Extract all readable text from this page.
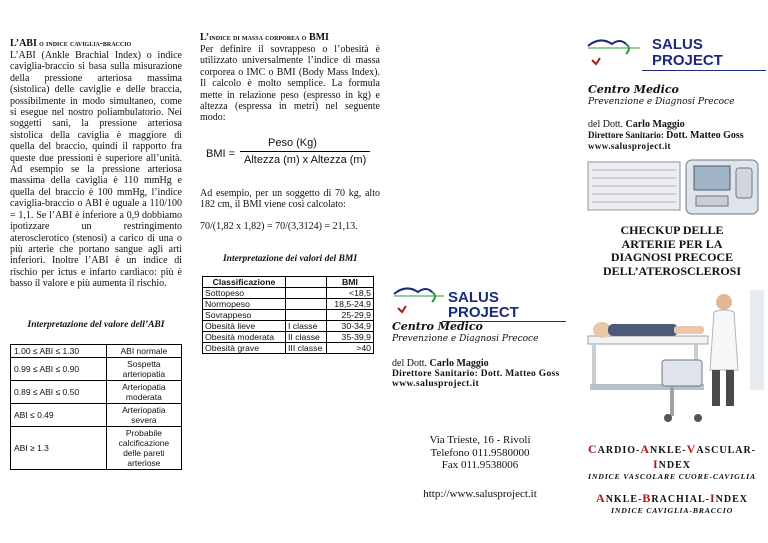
L’ABI o indice caviglia-braccio

L’ABI (Ankle Brachial Index) o indice caviglia-braccio si basa sulla misurazione della pressione arteriosa massima (sistolica) delle caviglie e delle braccia, possibilmente in modo simultaneo, come si esegue nel nostro poliambulatorio. Nei soggetti sani, la pressione arteriosa sistolica della caviglia è maggiore di quella del braccio, quindi il rapporto fra queste due pressioni è superiore all’unità. Ad esempio se la pressione arteriosa massima della caviglia è 110 mmHg e quella del braccio è 100 mmHg, l’indice caviglia-braccio o ABI è uguale a 110/100 = 1,1. Se l’ABI è inferiore a 0,9 dobbiamo ipotizzare un restringimento aterosclerotico (stenosi) a carico di una o più arterie che portano sangue agli arti inferiori. Inoltre l’ABI è un indice di rischio per ictus e infarto cardiaco: più è basso il valore e più aumenta il rischio.

Interpretazione del valore dell’ABI

1.00 ≤ ABI ≤ 1.30	ABI normale
0.99 ≤ ABI ≤ 0.90	Sospetta arteriopatia
0.89 ≤ ABI ≤ 0.50	Arteriopatia moderata
ABI ≤ 0.49	Arteriopatia severa
ABI ≥ 1.3	Probabile calcificazione delle pareti arteriose
L’indice di massa corporea o BMI

Per definire il sovrappeso o l’obesità è utilizzato universalmente l’indice di massa corporea o IMC o BMI (Body Mass Index). Il calcolo è molto semplice. La formula mette in relazione peso (espresso in kg) e altezza (espressa in metri) nel seguente modo:

BMI =
Peso (Kg)
Altezza (m) x Altezza (m)

Ad esempio, per un soggetto di 70 kg, alto 182 cm, il BMI viene così calcolato:

70/(1,82 x 1,82) = 70/(3,3124) = 21,13.

Interpretazione dei valori del BMI

Classificazione		BMI
Sottopeso		<18,5
Normopeso		18,5-24,9
Sovrappeso		25-29,9
Obesità lieve	I classe	30-34,9
Obesità moderata	II classe	35-39,9
Obesità grave	III classe	>40
SALUS
PROJECT
Centro Medico
Prevenzione e Diagnosi Precoce
del Dott. Carlo Maggio
Direttore Sanitario: Dott. Matteo Goss
www.salusproject.it
Via Trieste, 16 - Rivoli
Telefono 011.9580000
Fax 011.9538006
http://www.salusproject.it
SALUS
PROJECT
Centro Medico
Prevenzione e Diagnosi Precoce
del Dott. Carlo Maggio
Direttore Sanitario: Dott. Matteo Goss
www.salusproject.it
CHECKUP DELLE
ARTERIE PER LA
DIAGNOSI PRECOCE
DELL’ATEROSCLEROSI
CARDIO-ANKLE-VASCULAR-INDEX
INDICE VASCOLARE CUORE-CAVIGLIA
ANKLE-BRACHIAL-INDEX
INDICE CAVIGLIA-BRACCIO
